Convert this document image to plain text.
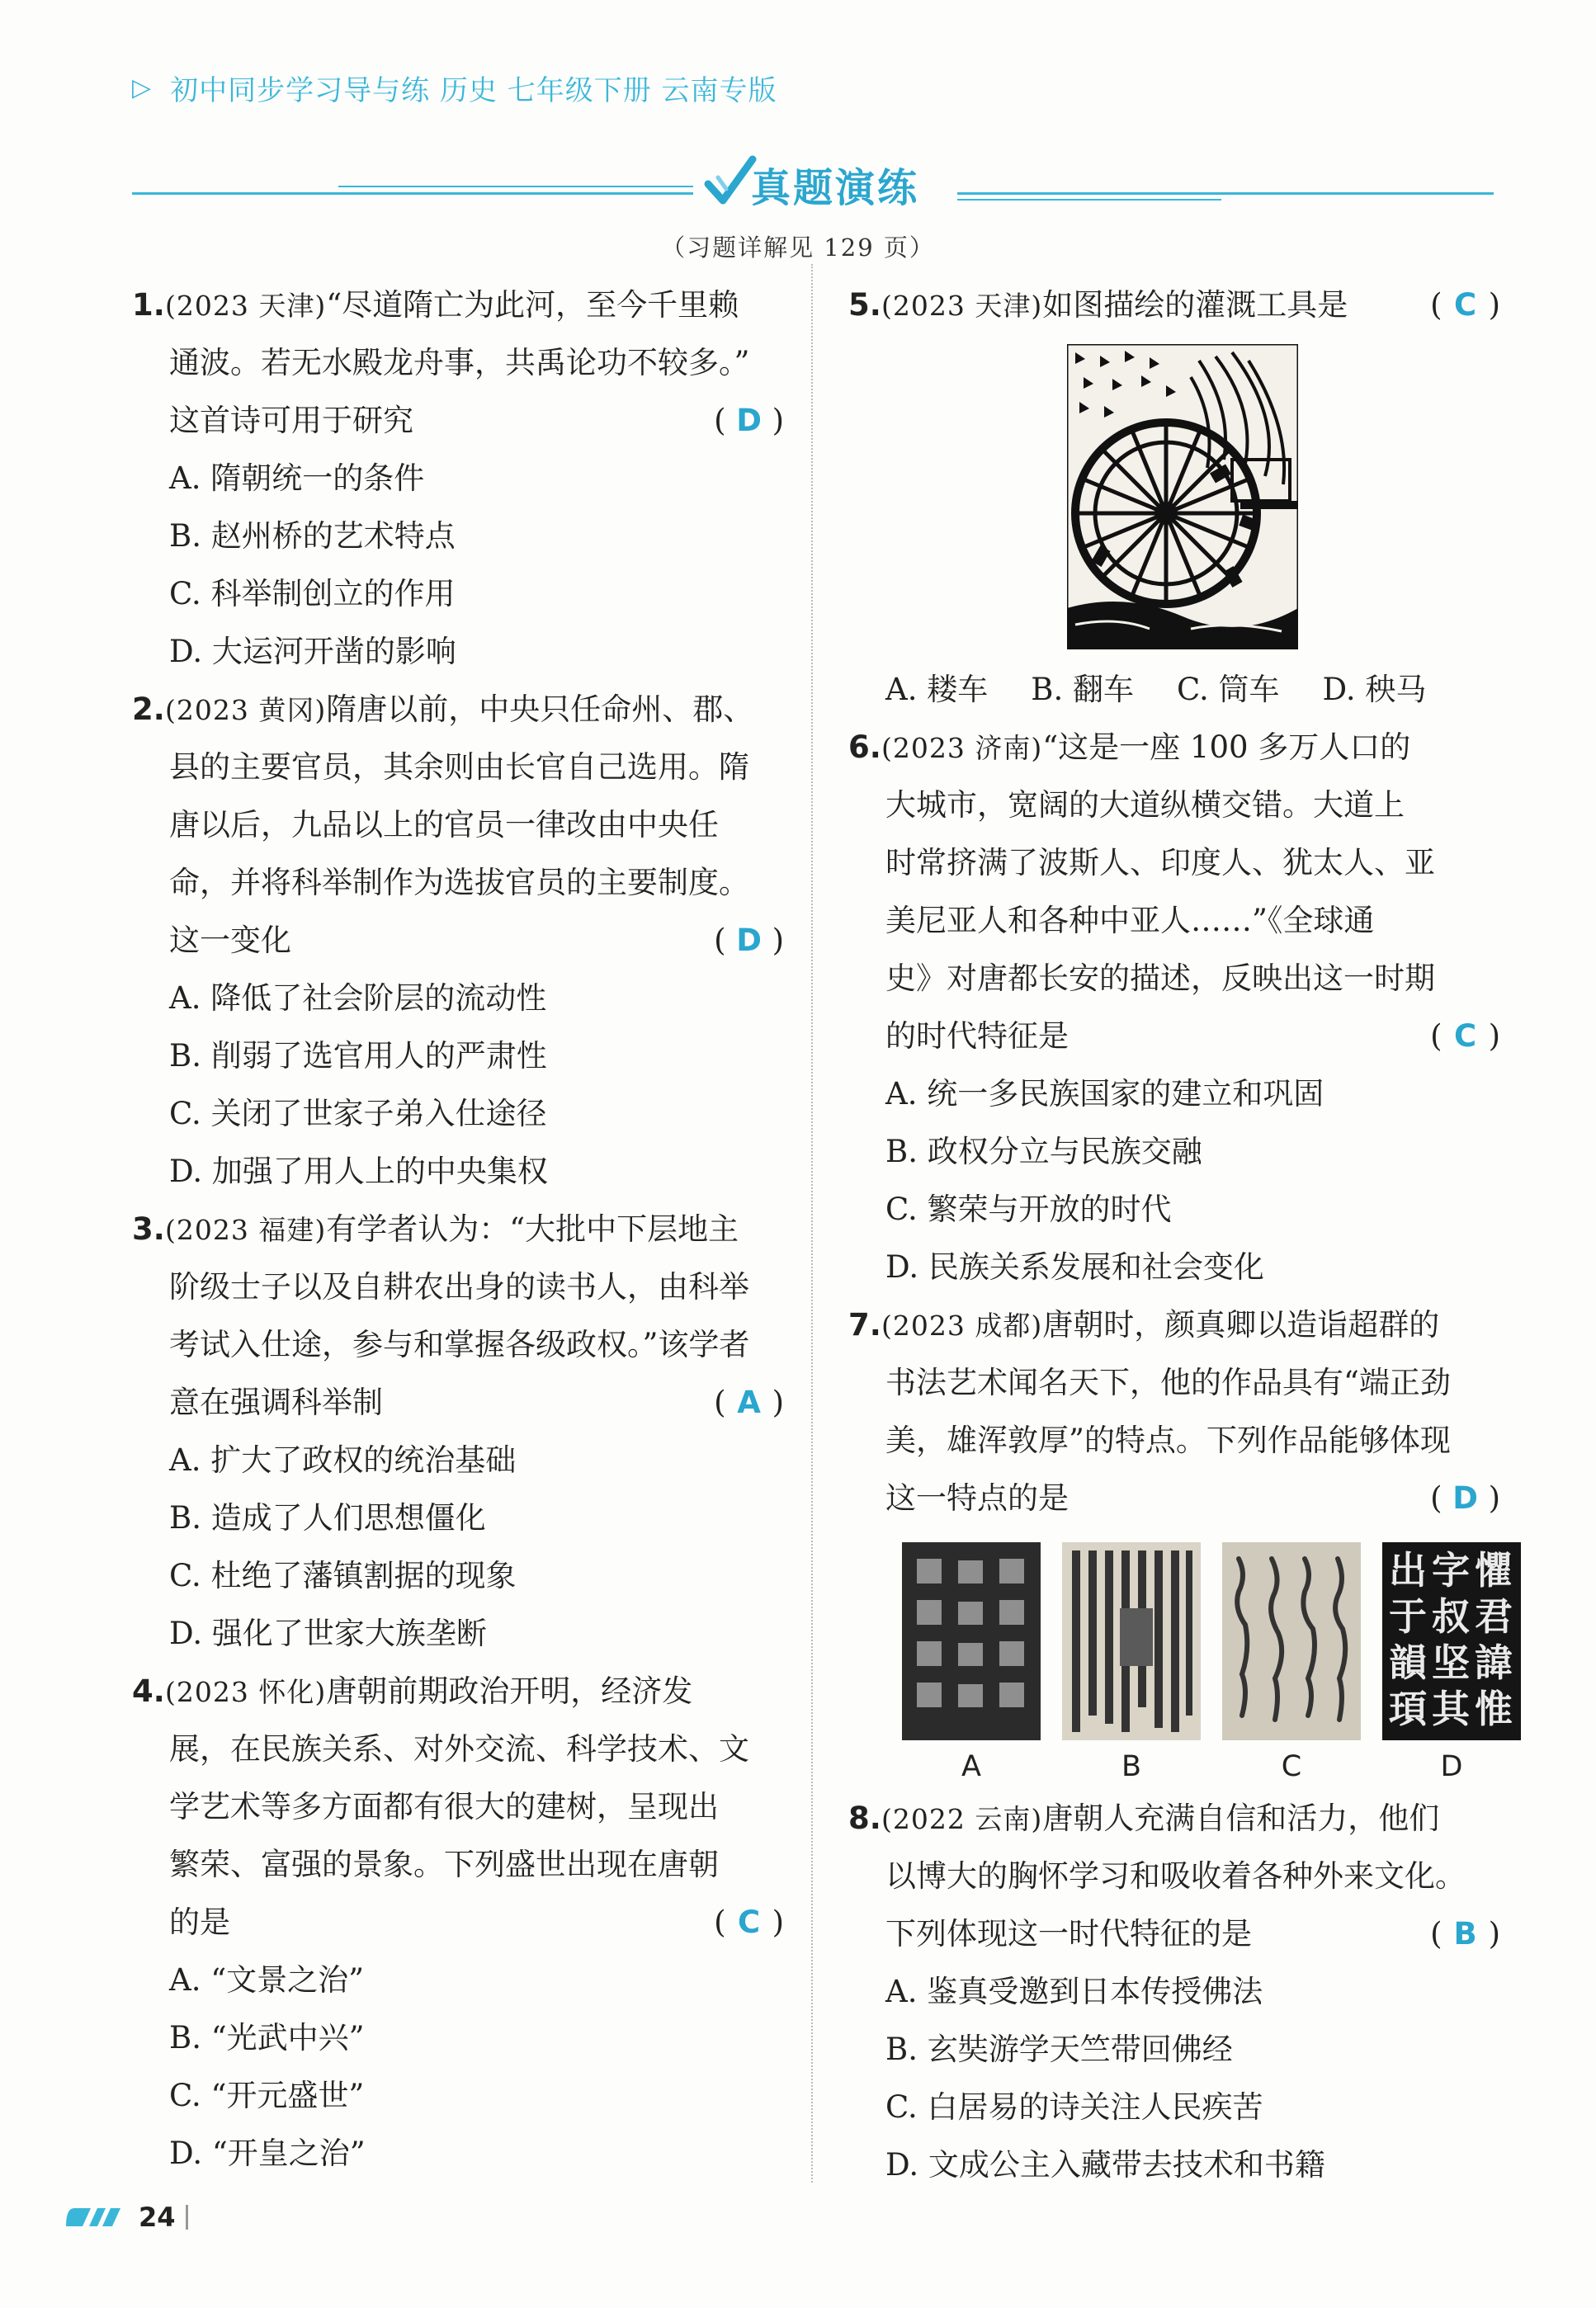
▷ 初中同步学习导与练 历史 七年级下册 云南专版
真题演练
（习题详解见 129 页）
1.(2023 天津)“尽道隋亡为此河，至今千里赖
通波。若无水殿龙舟事，共禹论功不较多。”
这首诗可用于研究	( D )
A. 隋朝统一的条件
B. 赵州桥的艺术特点
C. 科举制创立的作用
D. 大运河开凿的影响
2.(2023 黄冈)隋唐以前，中央只任命州、郡、
县的主要官员，其余则由长官自己选用。隋
唐以后，九品以上的官员一律改由中央任
命，并将科举制作为选拔官员的主要制度。
这一变化	( D )
A. 降低了社会阶层的流动性
B. 削弱了选官用人的严肃性
C. 关闭了世家子弟入仕途径
D. 加强了用人上的中央集权
3.(2023 福建)有学者认为：“大批中下层地主
阶级士子以及自耕农出身的读书人，由科举
考试入仕途，参与和掌握各级政权。”该学者
意在强调科举制	( A )
A. 扩大了政权的统治基础
B. 造成了人们思想僵化
C. 杜绝了藩镇割据的现象
D. 强化了世家大族垄断
4.(2023 怀化)唐朝前期政治开明，经济发
展，在民族关系、对外交流、科学技术、文
学艺术等多方面都有很大的建树，呈现出
繁荣、富强的景象。下列盛世出现在唐朝
的是	( C )
A. “文景之治”
B. “光武中兴”
C. “开元盛世”
D. “开皇之治”
5.(2023 天津)如图描绘的灌溉工具是	( C )
A. 耧车 B. 翻车 C. 筒车 D. 秧马
6.(2023 济南)“这是一座 100 多万人口的
大城市，宽阔的大道纵横交错。大道上
时常挤满了波斯人、印度人、犹太人、亚
美尼亚人和各种中亚人……”《全球通
史》对唐都长安的描述，反映出这一时期
的时代特征是	( C )
A. 统一多民族国家的建立和巩固
B. 政权分立与民族交融
C. 繁荣与开放的时代
D. 民族关系发展和社会变化
7.(2023 成都)唐朝时，颜真卿以造诣超群的
书法艺术闻名天下，他的作品具有“端正劲
美，雄浑敦厚”的特点。下列作品能够体现
这一特点的是	( D )
A	B	C
出 字 懼
于 叔 君
韻 坚 諱
頊 其 惟
D
8.(2022 云南)唐朝人充满自信和活力，他们
以博大的胸怀学习和吸收着各种外来文化。
下列体现这一时代特征的是	( B )
A. 鉴真受邀到日本传授佛法
B. 玄奘游学天竺带回佛经
C. 白居易的诗关注人民疾苦
D. 文成公主入藏带去技术和书籍
24
